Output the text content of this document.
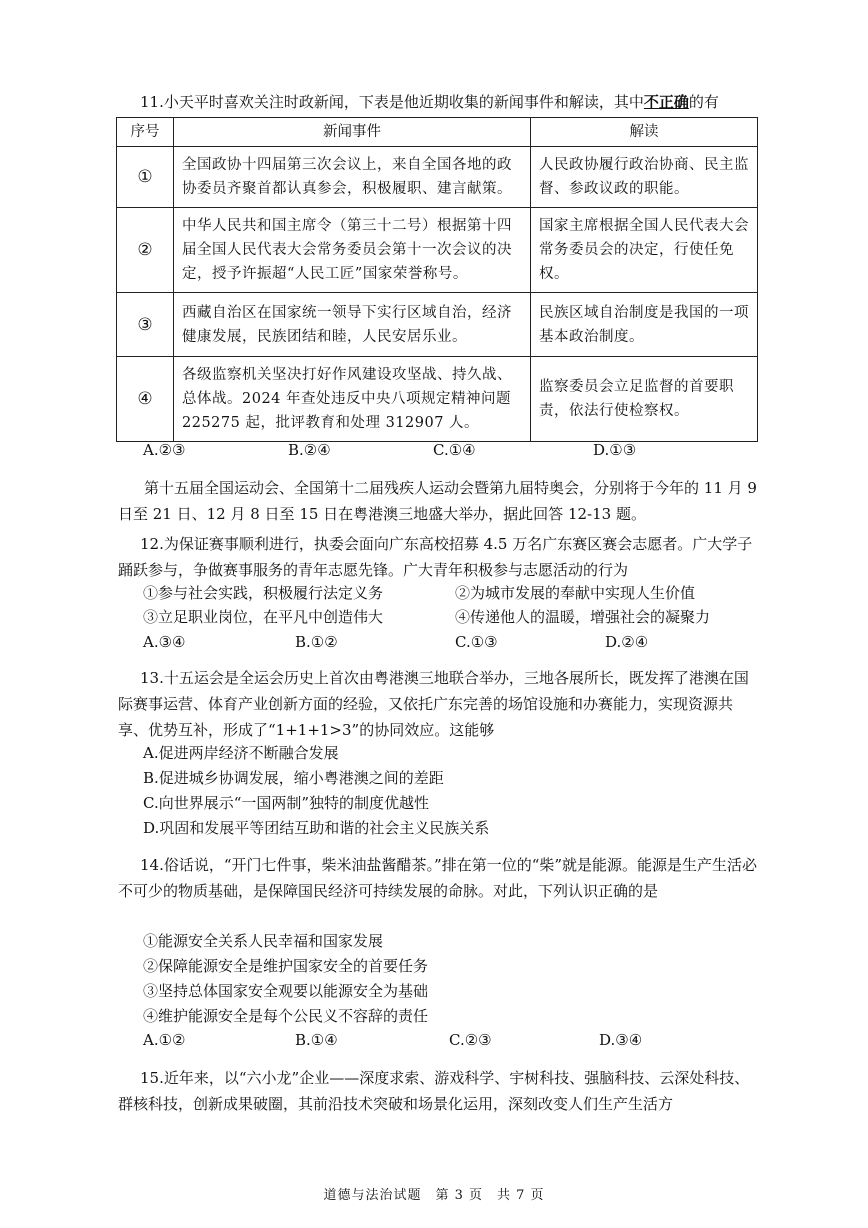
11.小天平时喜欢关注时政新闻，下表是他近期收集的新闻事件和解读，其中不正确的有

序号	新闻事件	解读
①	全国政协十四届第三次会议上，来自全国各地的政协委员齐聚首都认真参会，积极履职、建言献策。	人民政协履行政治协商、民主监督、参政议政的职能。
②	中华人民共和国主席令（第三十二号）根据第十四届全国人民代表大会常务委员会第十一次会议的决定，授予许振超“人民工匠”国家荣誉称号。	国家主席根据全国人民代表大会常务委员会的决定，行使任免权。
③	西藏自治区在国家统一领导下实行区域自治，经济健康发展，民族团结和睦，人民安居乐业。	民族区域自治制度是我国的一项基本政治制度。
④	各级监察机关坚决打好作风建设攻坚战、持久战、总体战。2024 年查处违反中央八项规定精神问题 225275 起，批评教育和处理 312907 人。	监察委员会立足监督的首要职责，依法行使检察权。
A.②③	B.②④	C.①④	D.①③

第十五届全国运动会、全国第十二届残疾人运动会暨第九届特奥会，分别将于今年的 11 月 9 日至 21 日、12 月 8 日至 15 日在粤港澳三地盛大举办，据此回答 12-13 题。

12.为保证赛事顺利进行，执委会面向广东高校招募 4.5 万名广东赛区赛会志愿者。广大学子踊跃参与，争做赛事服务的青年志愿先锋。广大青年积极参与志愿活动的行为

①参与社会实践，积极履行法定义务	②为城市发展的奉献中实现人生价值
③立足职业岗位，在平凡中创造伟大	④传递他人的温暖，增强社会的凝聚力
A.③④	B.①②	C.①③	D.②④

13.十五运会是全运会历史上首次由粤港澳三地联合举办，三地各展所长，既发挥了港澳在国际赛事运营、体育产业创新方面的经验，又依托广东完善的场馆设施和办赛能力，实现资源共享、优势互补，形成了“1+1+1>3”的协同效应。这能够

A.促进两岸经济不断融合发展
B.促进城乡协调发展，缩小粤港澳之间的差距
C.向世界展示“一国两制”独特的制度优越性
D.巩固和发展平等团结互助和谐的社会主义民族关系

14.俗话说，“开门七件事，柴米油盐酱醋茶。”排在第一位的“柴”就是能源。能源是生产生活必不可少的物质基础，是保障国民经济可持续发展的命脉。对此，下列认识正确的是

①能源安全关系人民幸福和国家发展
②保障能源安全是维护国家安全的首要任务
③坚持总体国家安全观要以能源安全为基础
④维护能源安全是每个公民义不容辞的责任
A.①②	B.①④	C.②③	D.③④

15.近年来，以“六小龙”企业——深度求索、游戏科学、宇树科技、强脑科技、云深处科技、群核科技，创新成果破圈，其前沿技术突破和场景化运用，深刻改变人们生产生活方

道德与法治试题　第 3 页　共 7 页
